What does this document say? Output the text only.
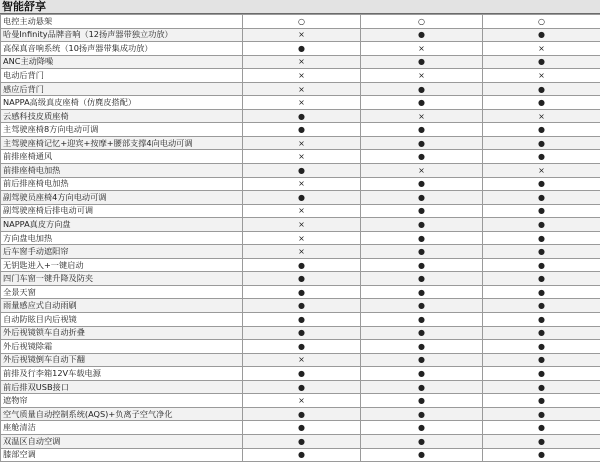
智能舒享
电控主动悬架	○	○	○
哈曼Infinity品牌音响（12扬声器带独立功放）	×	●	●
高保真音响系统（10扬声器带集成功放）	●	×	×
ANC主动降噪	×	●	●
电动后背门	×	×	×
感应后背门	×	●	●
NAPPA高级真皮座椅（仿麂皮搭配）	×	●	●
云感科技皮质座椅	●	×	×
主驾驶座椅8方向电动可调	●	●	●
主驾驶座椅记忆+迎宾+按摩+腰部支撑4向电动可调	×	●	●
前排座椅通风	×	●	●
前排座椅电加热	●	×	×
前后排座椅电加热	×	●	●
副驾驶员座椅4方向电动可调	●	●	●
副驾驶座椅后排电动可调	×	●	●
NAPPA真皮方向盘	×	●	●
方向盘电加热	×	●	●
后车窗手动遮阳帘	×	●	●
无钥匙进入+一键启动	●	●	●
四门车窗一键升降及防夹	●	●	●
全景天窗	●	●	●
雨量感应式自动雨刷	●	●	●
自动防眩目内后视镜	●	●	●
外后视镜锁车自动折叠	●	●	●
外后视镜除霜	●	●	●
外后视镜倒车自动下翻	×	●	●
前排及行李箱12V车载电源	●	●	●
前后排双USB接口	●	●	●
遮物帘	×	●	●
空气质量自动控制系统(AQS)+负离子空气净化	●	●	●
座舱清洁	●	●	●
双温区自动空调	●	●	●
膝部空调	●	●	●
